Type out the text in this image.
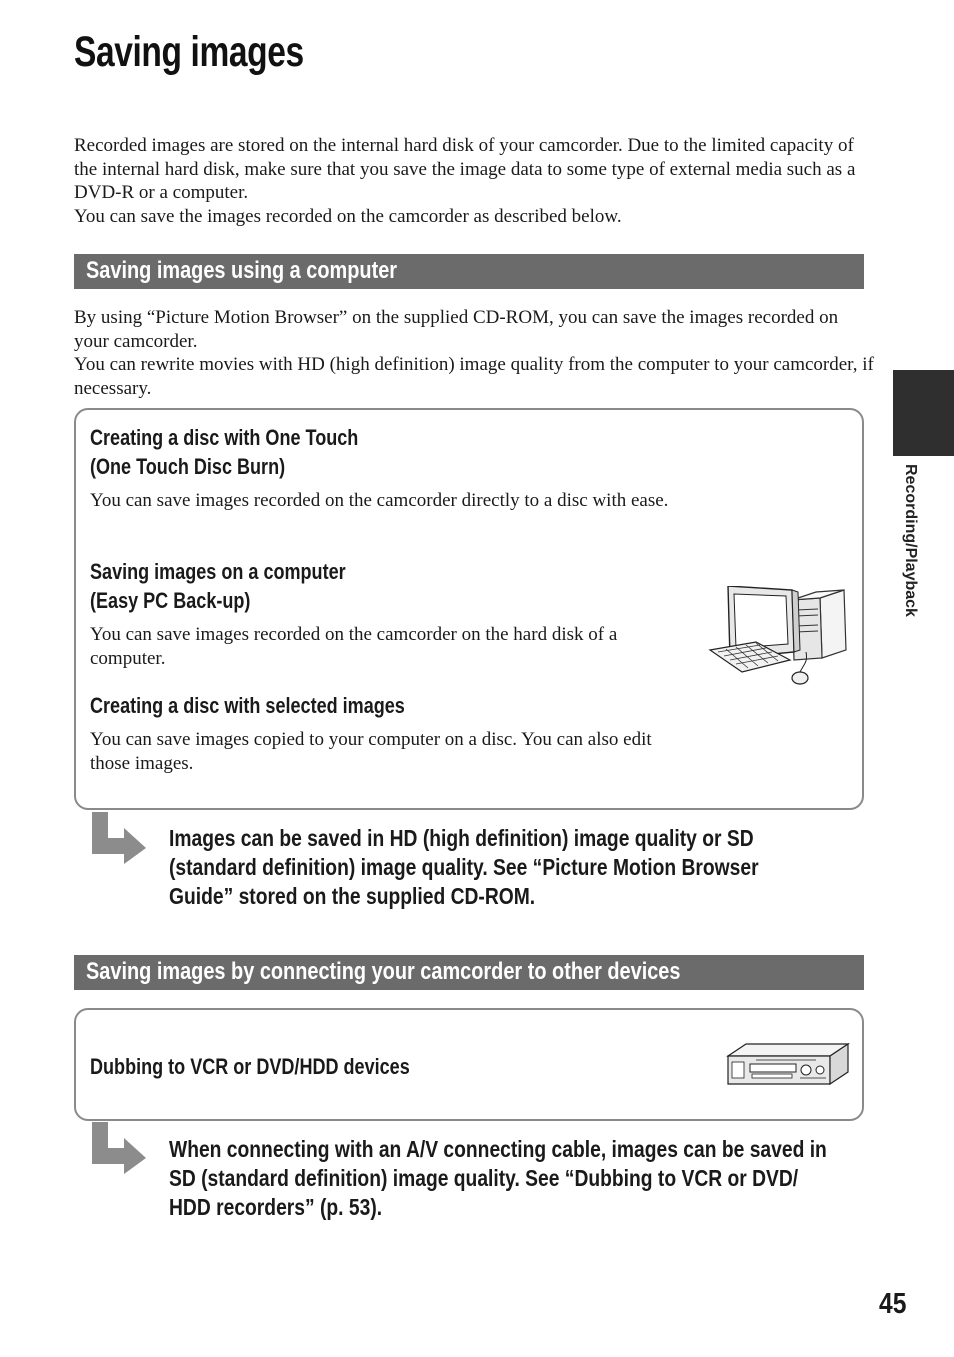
Saving images

Recorded images are stored on the internal hard disk of your camcorder. Due to the limited capacity of the internal hard disk, make sure that you save the image data to some type of external media such as a DVD-R or a computer.

You can save the images recorded on the camcorder as described below.

Saving images using a computer

By using “Picture Motion Browser” on the supplied CD-ROM, you can save the images recorded on your camcorder.

You can rewrite movies with HD (high definition) image quality from the computer to your camcorder, if necessary.

Creating a disc with One Touch
(One Touch Disc Burn)
You can save images recorded on the camcorder directly to a disc with ease.
Saving images on a computer
(Easy PC Back-up)
You can save images recorded on the camcorder on the hard disk of a computer.
Creating a disc with selected images
You can save images copied to your computer on a disc. You can also edit those images.
Images can be saved in HD (high definition) image quality or SD
(standard definition) image quality. See “Picture Motion Browser
Guide” stored on the supplied CD-ROM.
Saving images by connecting your camcorder to other devices
Dubbing to VCR or DVD/HDD devices
When connecting with an A/V connecting cable, images can be saved in
SD (standard definition) image quality. See “Dubbing to VCR or DVD/
HDD recorders” (p. 53).
Recording/Playback
45
